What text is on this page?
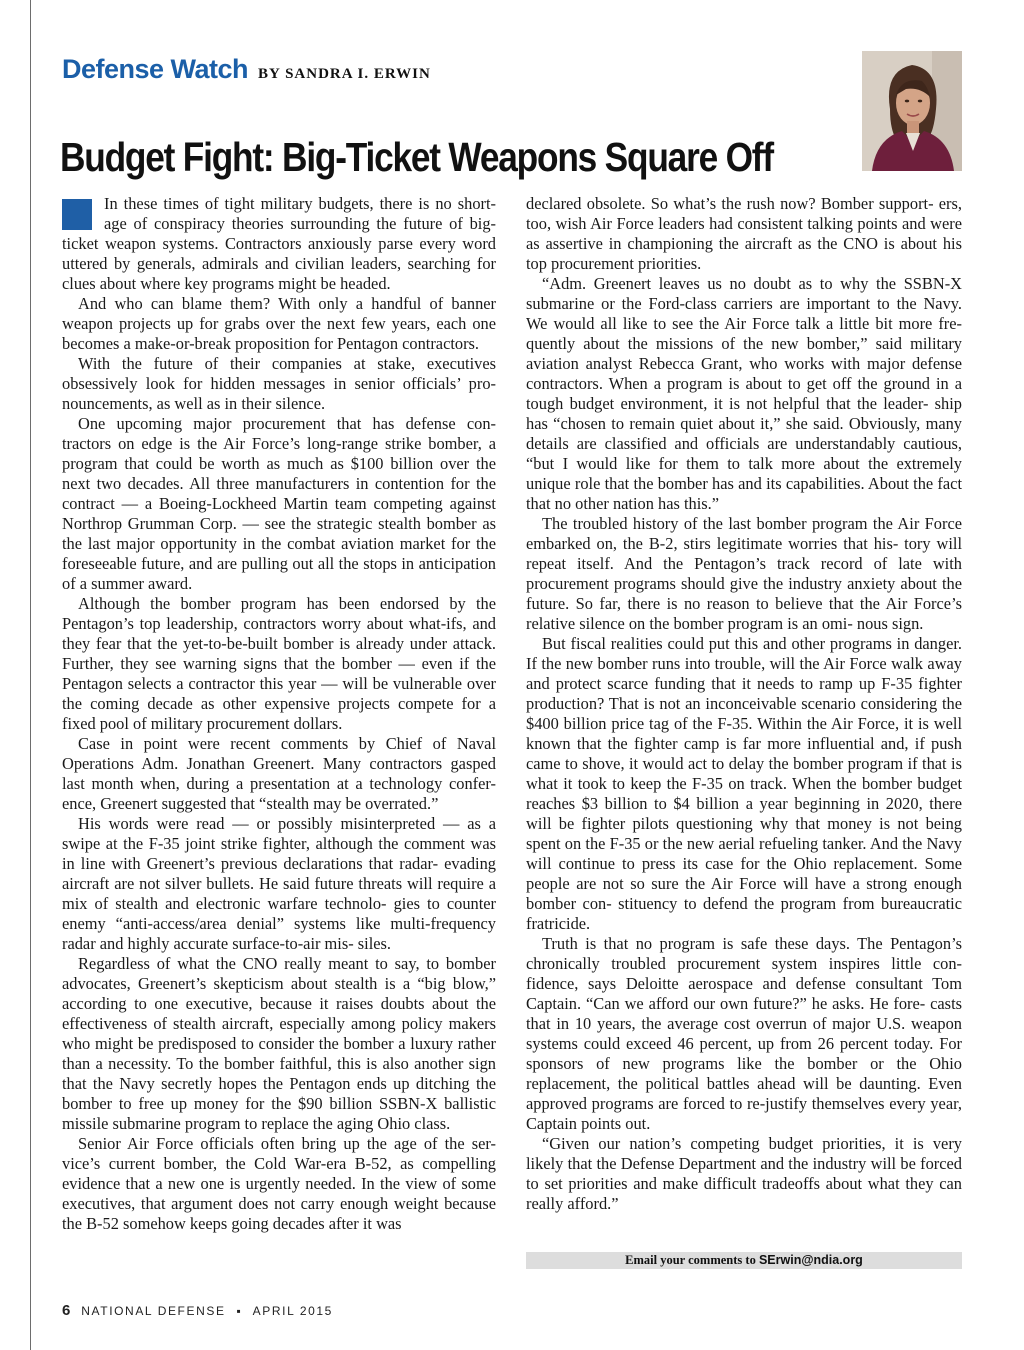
Defense Watch BY SANDRA I. ERWIN
Budget Fight: Big-Ticket Weapons Square Off

In these times of tight military budgets, there is no short- age of conspiracy theories surrounding the future of big-ticket weapon systems. Contractors anxiously parse every word uttered by generals, admirals and civilian leaders, searching for clues about where key programs might be headed.

And who can blame them? With only a handful of banner weapon projects up for grabs over the next few years, each one becomes a make-or-break proposition for Pentagon contractors.

With the future of their companies at stake, executives obsessively look for hidden messages in senior officials’ pro- nouncements, as well as in their silence.

One upcoming major procurement that has defense con- tractors on edge is the Air Force’s long-range strike bomber, a program that could be worth as much as $100 billion over the next two decades. All three manufacturers in contention for the contract — a Boeing-Lockheed Martin team competing against Northrop Grumman Corp. — see the strategic stealth bomber as the last major opportunity in the combat aviation market for the foreseeable future, and are pulling out all the stops in anticipation of a summer award.

Although the bomber program has been endorsed by the Pentagon’s top leadership, contractors worry about what-ifs, and they fear that the yet-to-be-built bomber is already under attack. Further, they see warning signs that the bomber — even if the Pentagon selects a contractor this year — will be vulnerable over the coming decade as other expensive projects compete for a fixed pool of military procurement dollars.

Case in point were recent comments by Chief of Naval Operations Adm. Jonathan Greenert. Many contractors gasped last month when, during a presentation at a technology confer- ence, Greenert suggested that “stealth may be overrated.”

His words were read — or possibly misinterpreted — as a swipe at the F-35 joint strike fighter, although the comment was in line with Greenert’s previous declarations that radar- evading aircraft are not silver bullets. He said future threats will require a mix of stealth and electronic warfare technolo- gies to counter enemy “anti-access/area denial” systems like multi-frequency radar and highly accurate surface-to-air mis- siles.

Regardless of what the CNO really meant to say, to bomber advocates, Greenert’s skepticism about stealth is a “big blow,” according to one executive, because it raises doubts about the effectiveness of stealth aircraft, especially among policy makers who might be predisposed to consider the bomber a luxury rather than a necessity. To the bomber faithful, this is also another sign that the Navy secretly hopes the Pentagon ends up ditching the bomber to free up money for the $90 billion SSBN-X ballistic missile submarine program to replace the aging Ohio class.

Senior Air Force officials often bring up the age of the ser- vice’s current bomber, the Cold War-era B-52, as compelling evidence that a new one is urgently needed. In the view of some executives, that argument does not carry enough weight because the B-52 somehow keeps going decades after it was

declared obsolete. So what’s the rush now? Bomber support- ers, too, wish Air Force leaders had consistent talking points and were as assertive in championing the aircraft as the CNO is about his top procurement priorities.

“Adm. Greenert leaves us no doubt as to why the SSBN-X submarine or the Ford-class carriers are important to the Navy. We would all like to see the Air Force talk a little bit more fre- quently about the missions of the new bomber,” said military aviation analyst Rebecca Grant, who works with major defense contractors. When a program is about to get off the ground in a tough budget environment, it is not helpful that the leader- ship has “chosen to remain quiet about it,” she said. Obviously, many details are classified and officials are understandably cautious, “but I would like for them to talk more about the extremely unique role that the bomber has and its capabilities. About the fact that no other nation has this.”

The troubled history of the last bomber program the Air Force embarked on, the B-2, stirs legitimate worries that his- tory will repeat itself. And the Pentagon’s track record of late with procurement programs should give the industry anxiety about the future. So far, there is no reason to believe that the Air Force’s relative silence on the bomber program is an omi- nous sign.

But fiscal realities could put this and other programs in danger. If the new bomber runs into trouble, will the Air Force walk away and protect scarce funding that it needs to ramp up F-35 fighter production? That is not an inconceivable scenario considering the $400 billion price tag of the F-35. Within the Air Force, it is well known that the fighter camp is far more influential and, if push came to shove, it would act to delay the bomber program if that is what it took to keep the F-35 on track. When the bomber budget reaches $3 billion to $4 billion a year beginning in 2020, there will be fighter pilots questioning why that money is not being spent on the F-35 or the new aerial refueling tanker. And the Navy will continue to press its case for the Ohio replacement. Some people are not so sure the Air Force will have a strong enough bomber con- stituency to defend the program from bureaucratic fratricide.

Truth is that no program is safe these days. The Pentagon’s chronically troubled procurement system inspires little con- fidence, says Deloitte aerospace and defense consultant Tom Captain. “Can we afford our own future?” he asks. He fore- casts that in 10 years, the average cost overrun of major U.S. weapon systems could exceed 46 percent, up from 26 percent today. For sponsors of new programs like the bomber or the Ohio replacement, the political battles ahead will be daunting. Even approved programs are forced to re-justify themselves every year, Captain points out.

“Given our nation’s competing budget priorities, it is very likely that the Defense Department and the industry will be forced to set priorities and make difficult tradeoffs about what they can really afford.”

Email your comments to SErwin@ndia.org
6 NATIONAL DEFENSE ▪ APRIL 2015
